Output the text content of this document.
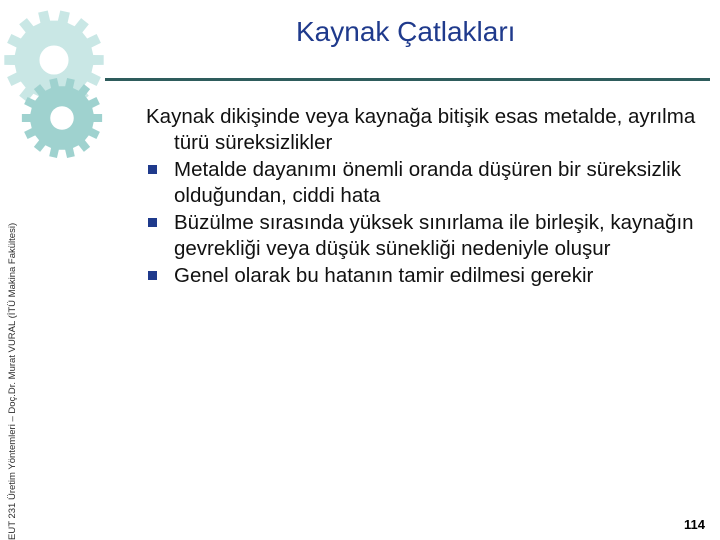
EUT 231 Üretim Yöntemleri – Doç.Dr. Murat VURAL (İTÜ Makina Fakültesi)
Kaynak Çatlakları

Kaynak dikişinde veya kaynağa bitişik esas metalde, ayrılma türü süreksizlikler

Metalde dayanımı önemli oranda düşüren bir süreksizlik olduğundan, ciddi hata
Büzülme sırasında yüksek sınırlama ile birleşik, kaynağın gevrekliği veya düşük sünekliği nedeniyle oluşur
Genel olarak bu hatanın tamir edilmesi gerekir
114
